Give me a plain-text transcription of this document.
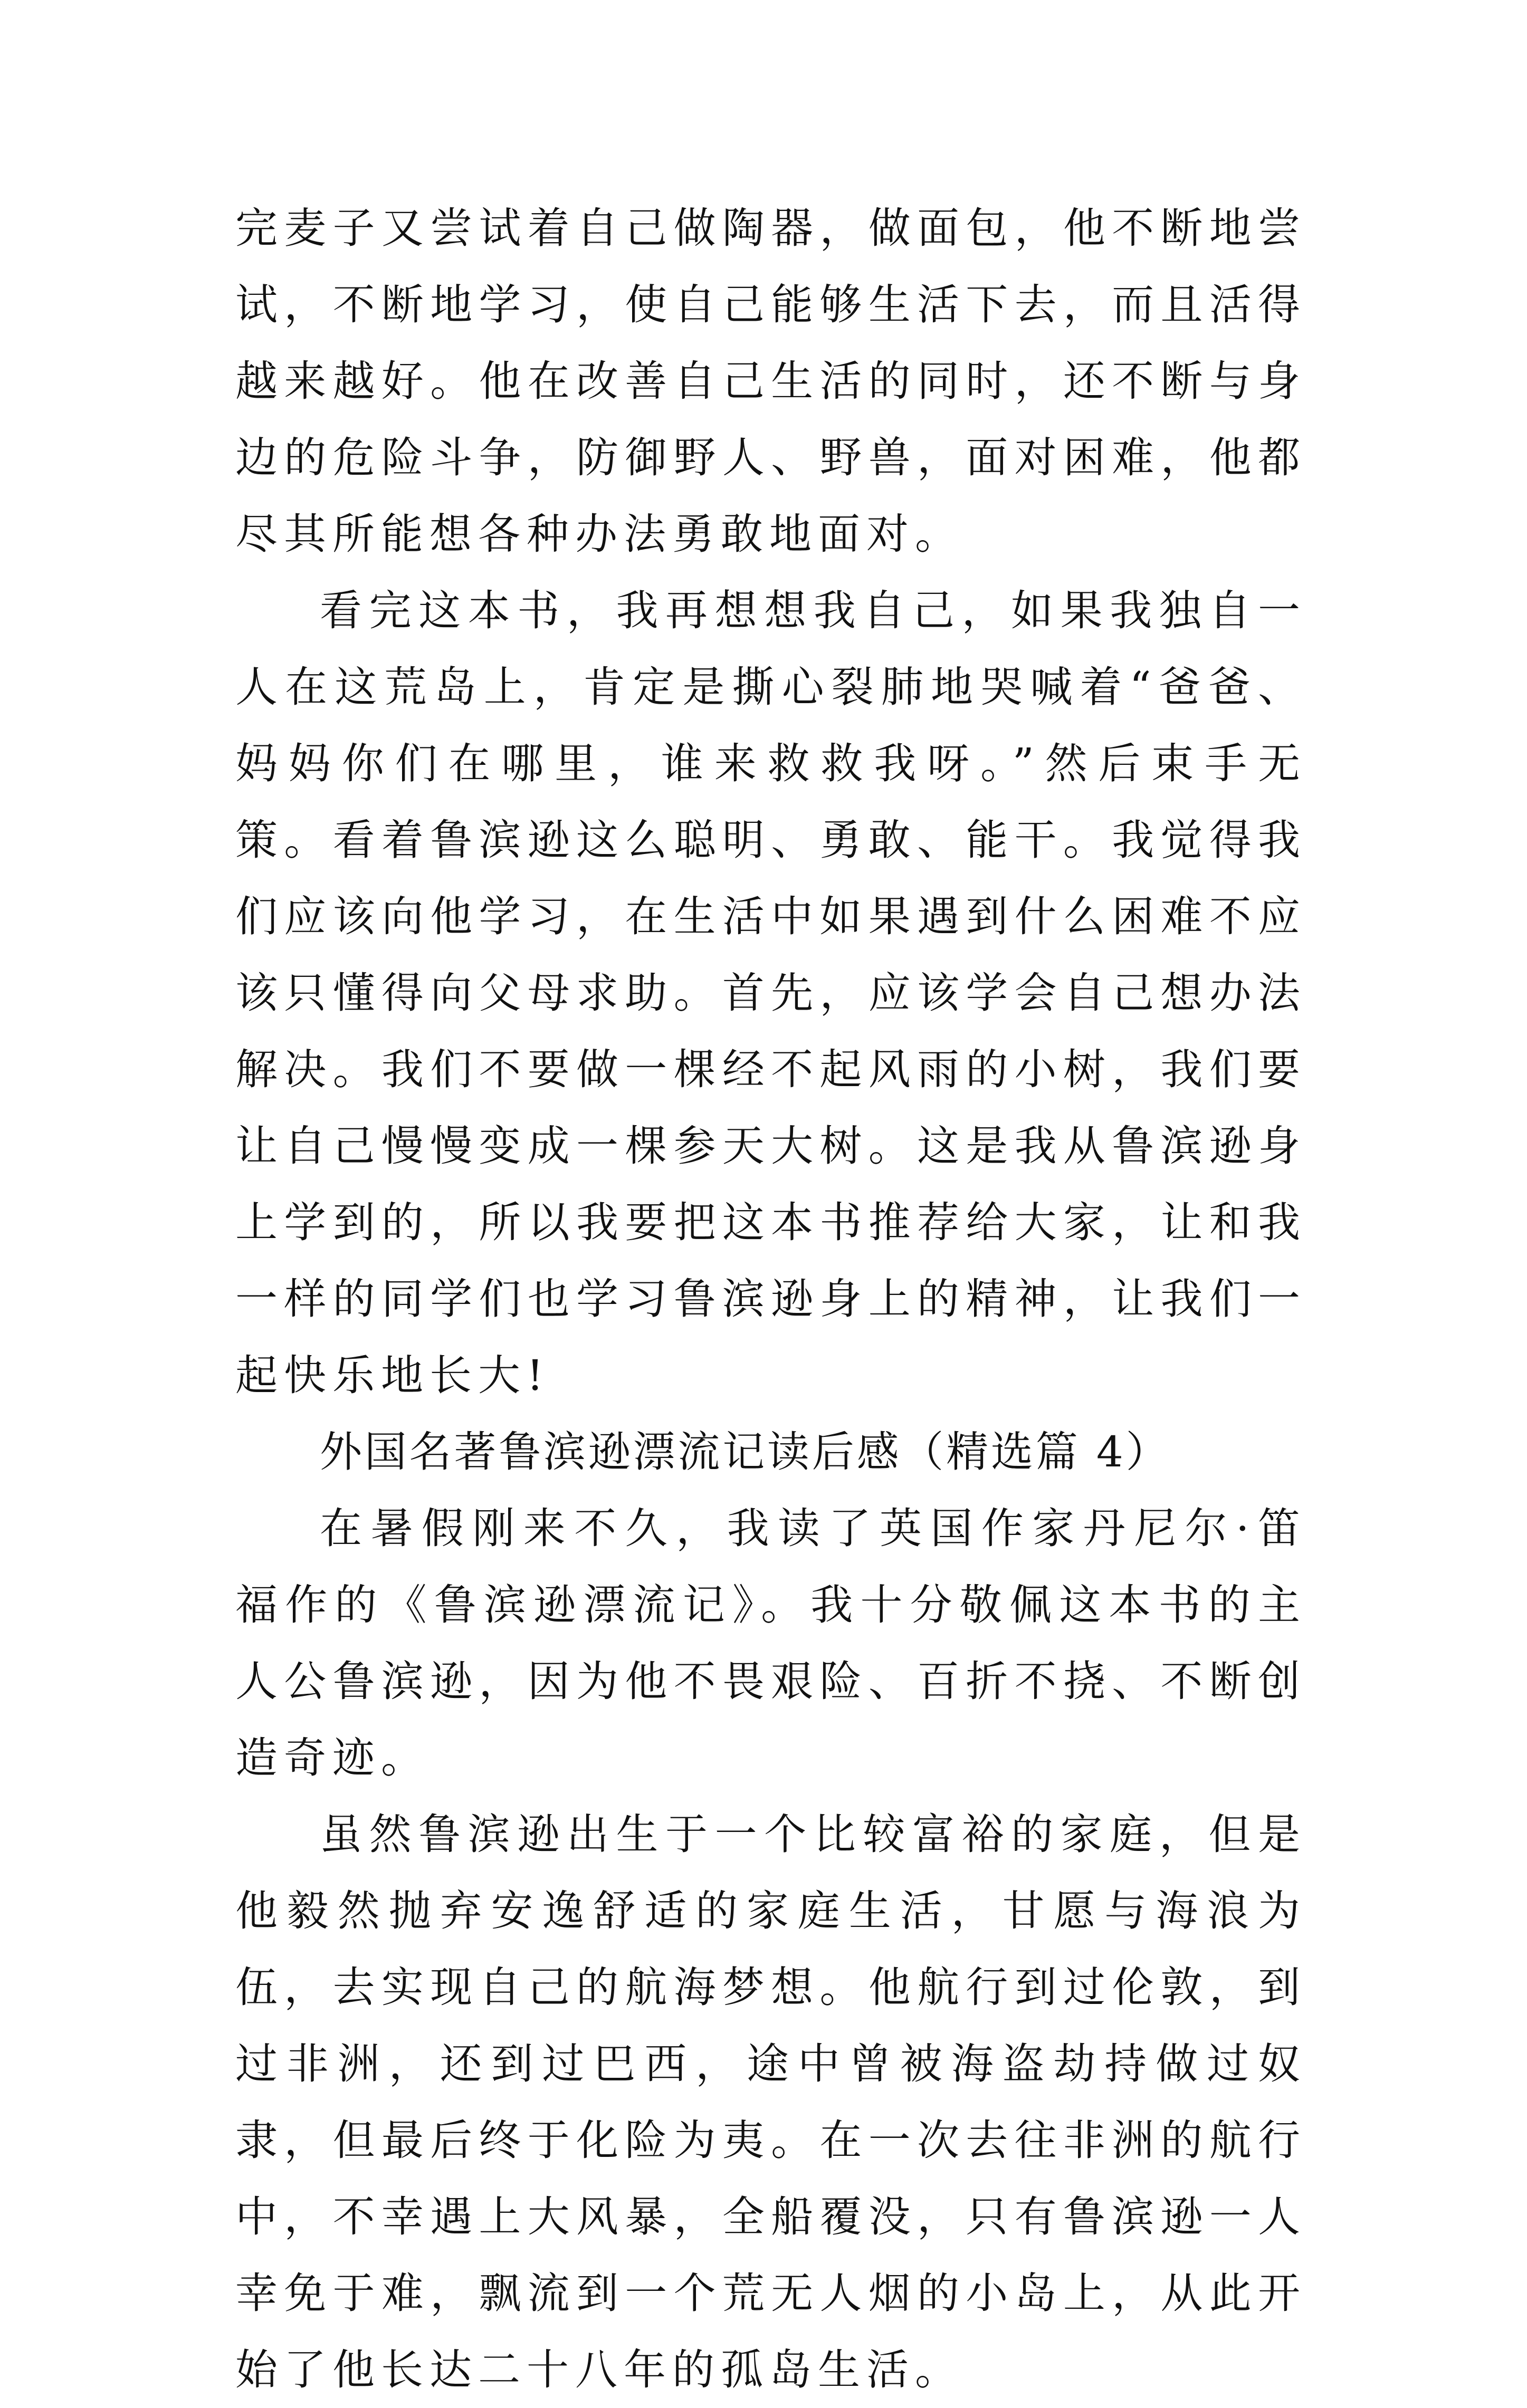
完麦子又尝试着自己做陶器，做面包，他不断地尝试，不断地学习，使自己能够生活下去，而且活得越来越好。他在改善自己生活的同时，还不断与身边的危险斗争，防御野人、野兽，面对困难，他都尽其所能想各种办法勇敢地面对。

看完这本书，我再想想我自己，如果我独自一人在这荒岛上，肯定是撕心裂肺地哭喊着“爸爸、妈妈你们在哪里，谁来救救我呀。”然后束手无策。看着鲁滨逊这么聪明、勇敢、能干。我觉得我们应该向他学习，在生活中如果遇到什么困难不应该只懂得向父母求助。首先，应该学会自己想办法解决。我们不要做一棵经不起风雨的小树，我们要让自己慢慢变成一棵参天大树。这是我从鲁滨逊身上学到的，所以我要把这本书推荐给大家，让和我一样的同学们也学习鲁滨逊身上的精神，让我们一起快乐地长大!

外国名著鲁滨逊漂流记读后感（精选篇 4）

在暑假刚来不久，我读了英国作家丹尼尔·笛福作的《鲁滨逊漂流记》。我十分敬佩这本书的主人公鲁滨逊，因为他不畏艰险、百折不挠、不断创造奇迹。

虽然鲁滨逊出生于一个比较富裕的家庭，但是他毅然抛弃安逸舒适的家庭生活，甘愿与海浪为伍，去实现自己的航海梦想。他航行到过伦敦，到过非洲，还到过巴西，途中曾被海盗劫持做过奴隶，但最后终于化险为夷。在一次去往非洲的航行中，不幸遇上大风暴，全船覆没，只有鲁滨逊一人幸免于难，飘流到一个荒无人烟的小岛上，从此开始了他长达二十八年的孤岛生活。
